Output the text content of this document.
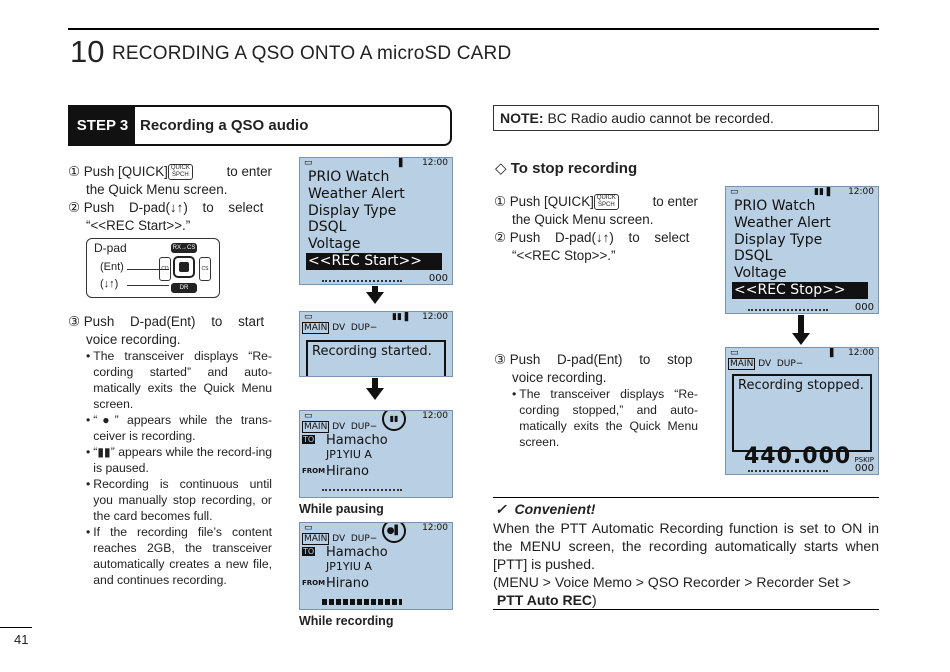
10 RECORDING A QSO ONTO A microSD CARD
STEP 3 Recording a QSO audio
① Push [QUICK] QUICK
SPCH	to enter
the Quick Menu screen.
② Push D-pad(↓↑) to select
“<<REC Start>>.”
D-pad
(Ent)
(↓↑)
RX→CS
DR
CD	CS
③ Push D-pad(Ent) to start
voice recording.
• The transceiver displays “Re-cording started” and auto-matically exits the Quick Menu screen.
• “●” appears while the trans-ceiver is recording.
• “▮▮” appears while the record-ing is paused.
• Recording is continuous until you manually stop recording, or the card becomes full.
• If the recording file’s content reaches 2GB, the transceiver automatically creates a new file, and continues recording.
▭	▌ 12:00
PRIO Watch
Weather Alert
Display Type
DSQL
Voltage
<<REC Start>>
000
▭	▮▮ ▌ 12:00
MAIN DV DUP−
Recording started.
▭	12:00
▮▮
MAIN DV DUP−
TO Hamacho
JP1YIU A
FROM Hirano
While pausing
▭	12:00
●▌
MAIN DV DUP−
TO Hamacho
JP1YIU A
FROM Hirano
While recording
NOTE: BC Radio audio cannot be recorded.
◇ To stop recording
① Push [QUICK] QUICK
SPCH	to enter
the Quick Menu screen.
② Push D-pad(↓↑) to select
“<<REC Stop>>.”
③ Push D-pad(Ent) to stop
voice recording.
• The transceiver displays “Re-cording stopped,” and auto-matically exits the Quick Menu screen.
▭	▮▮ ▌ 12:00
PRIO Watch
Weather Alert
Display Type
DSQL
Voltage
<<REC Stop>>
000
▭	▌ 12:00
MAIN DV DUP−
Recording stopped.
440.000 PSKIP
000
✓ Convenient!
When the PTT Automatic Recording function is set to ON in the MENU screen, the recording automatically starts when [PTT] is pushed.
(MENU > Voice Memo > QSO Recorder > Recorder Set >
PTT Auto REC)
41
